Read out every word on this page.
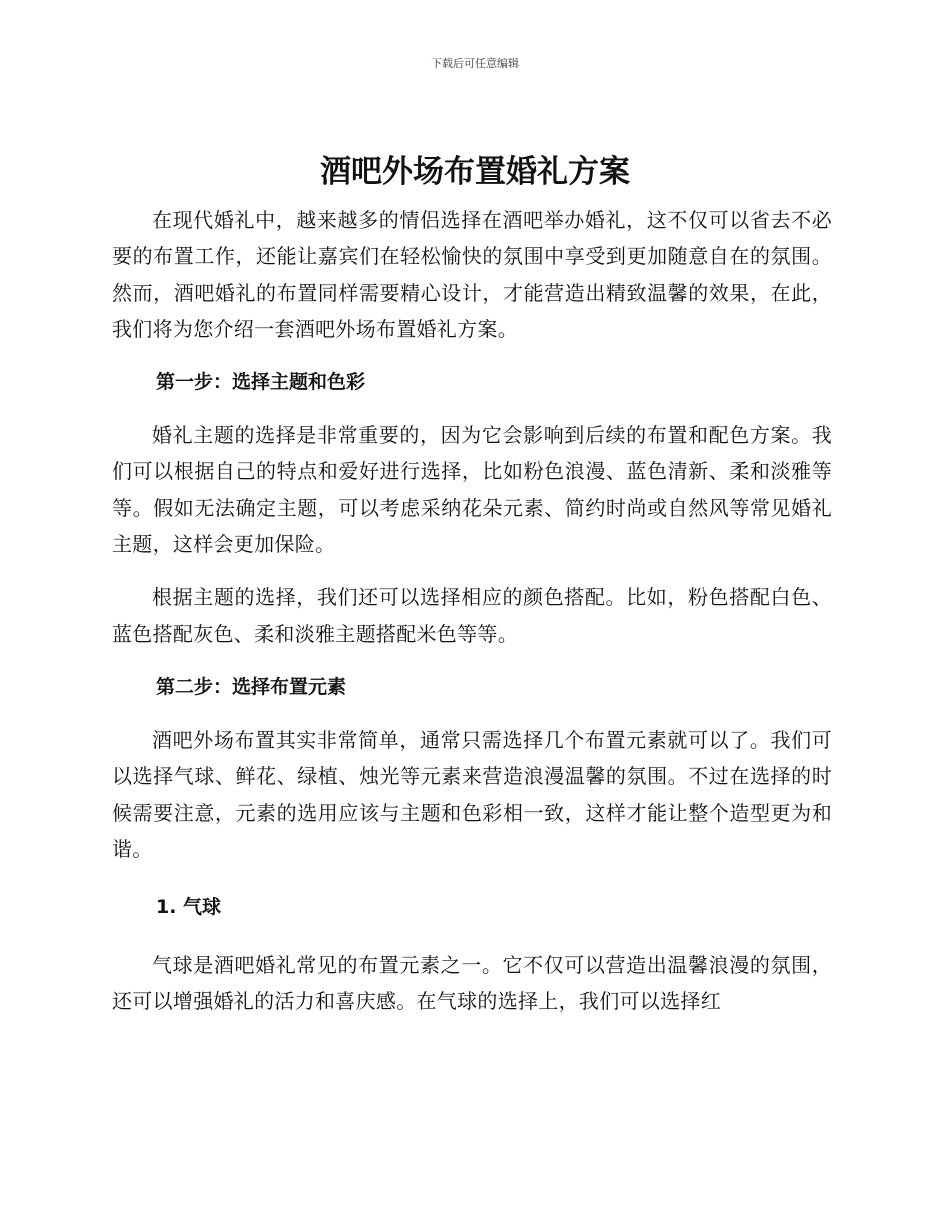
下载后可任意编辑
酒吧外场布置婚礼方案

在现代婚礼中，越来越多的情侣选择在酒吧举办婚礼，这不仅可以省去不必要的布置工作，还能让嘉宾们在轻松愉快的氛围中享受到更加随意自在的氛围。然而，酒吧婚礼的布置同样需要精心设计，才能营造出精致温馨的效果，在此，我们将为您介绍一套酒吧外场布置婚礼方案。

第一步：选择主题和色彩

婚礼主题的选择是非常重要的，因为它会影响到后续的布置和配色方案。我们可以根据自己的特点和爱好进行选择，比如粉色浪漫、蓝色清新、柔和淡雅等等。假如无法确定主题，可以考虑采纳花朵元素、简约时尚或自然风等常见婚礼主题，这样会更加保险。

根据主题的选择，我们还可以选择相应的颜色搭配。比如，粉色搭配白色、蓝色搭配灰色、柔和淡雅主题搭配米色等等。

第二步：选择布置元素

酒吧外场布置其实非常简单，通常只需选择几个布置元素就可以了。我们可以选择气球、鲜花、绿植、烛光等元素来营造浪漫温馨的氛围。不过在选择的时候需要注意，元素的选用应该与主题和色彩相一致，这样才能让整个造型更为和谐。

1. 气球

气球是酒吧婚礼常见的布置元素之一。它不仅可以营造出温馨浪漫的氛围，还可以增强婚礼的活力和喜庆感。在气球的选择上，我们可以选择红
